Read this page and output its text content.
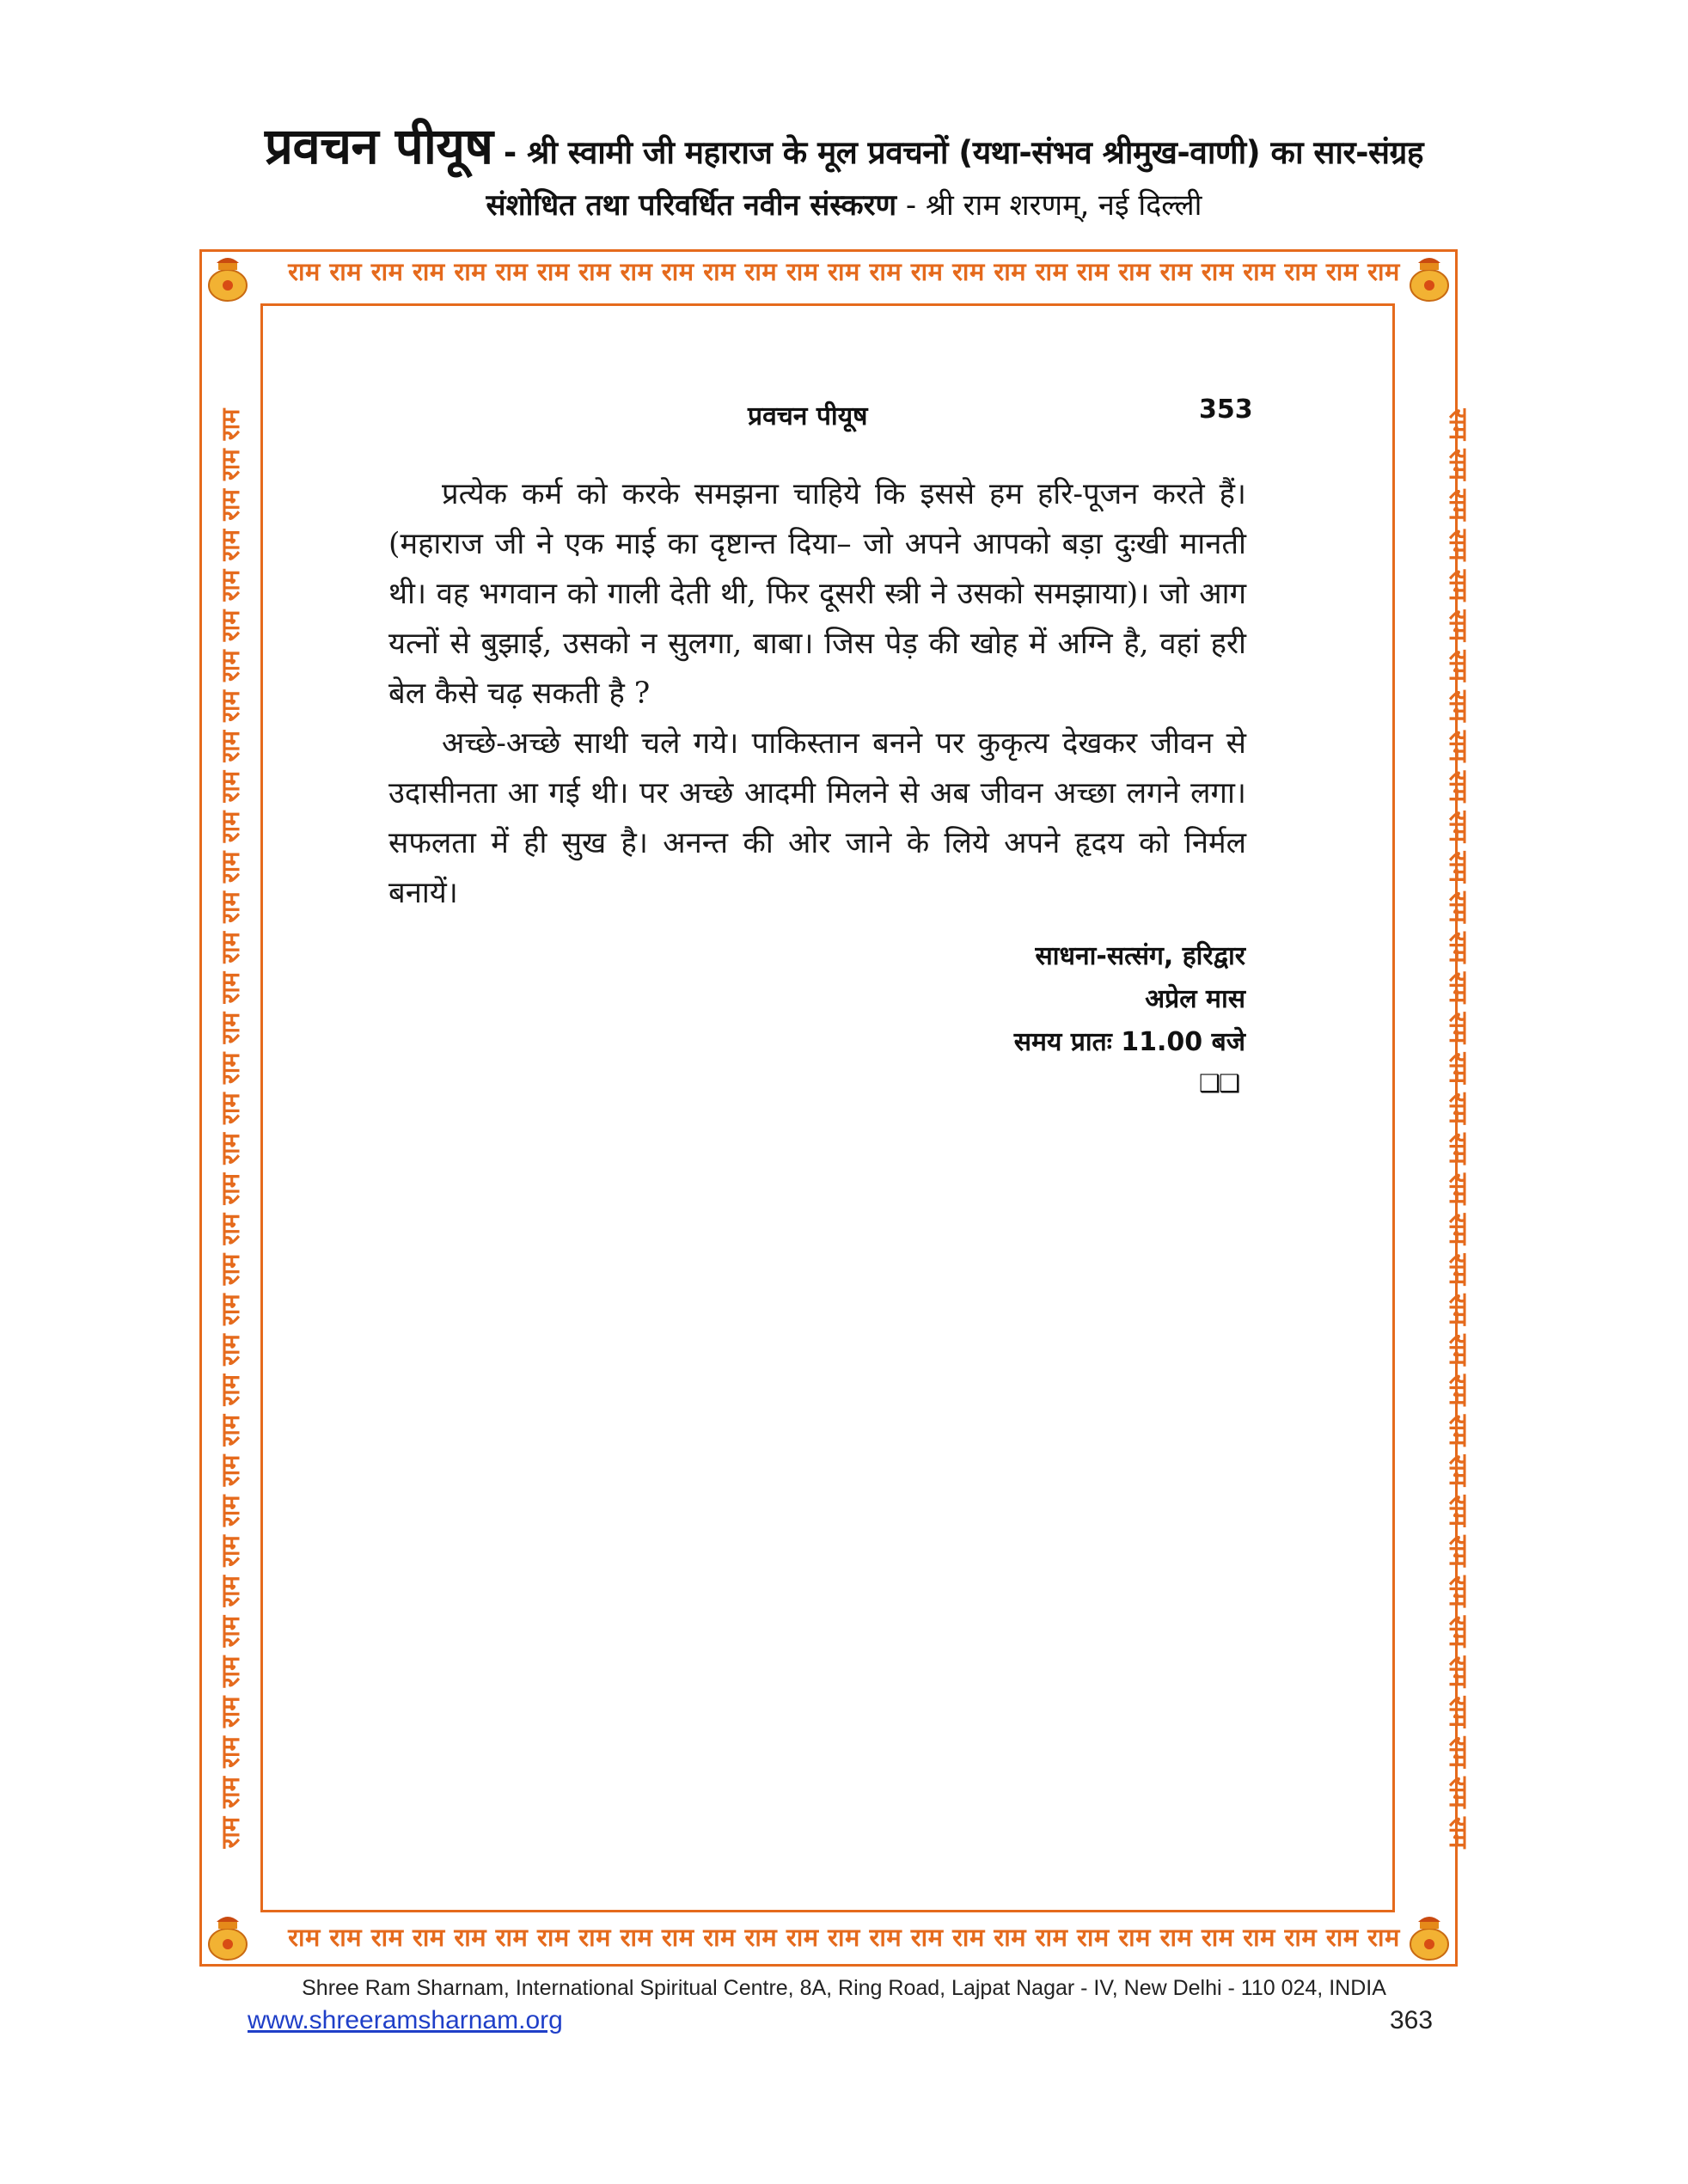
प्रवचन पीयूष - श्री स्वामी जी महाराज के मूल प्रवचनों (यथा-संभव श्रीमुख-वाणी) का सार-संग्रह
संशोधित तथा परिवर्धित नवीन संस्करण - श्री राम शरणम्, नई दिल्ली
राम राम राम राम राम राम राम राम राम राम राम राम राम राम राम राम राम राम राम राम राम राम राम राम राम राम राम
राम राम राम राम राम राम राम राम राम राम राम राम राम राम राम राम राम राम राम राम राम राम राम राम राम राम राम
राम राम राम राम राम राम राम राम राम राम राम राम राम राम राम राम राम राम राम राम राम राम राम राम राम राम राम राम राम राम राम राम राम राम राम राम	राम राम राम राम राम राम राम राम राम राम राम राम राम राम राम राम राम राम राम राम राम राम राम राम राम राम राम राम राम राम राम राम राम राम राम राम
प्रवचन पीयूष	353

प्रत्येक कर्म को करके समझना चाहिये कि इससे हम हरि-पूजन करते हैं। (महाराज जी ने एक माई का दृष्टान्त दिया– जो अपने आपको बड़ा दुःखी मानती थी। वह भगवान को गाली देती थी, फिर दूसरी स्त्री ने उसको समझाया)। जो आग यत्नों से बुझाई, उसको न सुलगा, बाबा। जिस पेड़ की खोह में अग्नि है, वहां हरी बेल कैसे चढ़ सकती है ?

अच्छे-अच्छे साथी चले गये। पाकिस्तान बनने पर कुकृत्य देखकर जीवन से उदासीनता आ गई थी। पर अच्छे आदमी मिलने से अब जीवन अच्छा लगने लगा। सफलता में ही सुख है। अनन्त की ओर जाने के लिये अपने हृदय को निर्मल बनायें।

साधना-सत्संग, हरिद्वार
अप्रेल मास
समय प्रातः 11.00 बजे
❑❑
Shree Ram Sharnam, International Spiritual Centre, 8A, Ring Road, Lajpat Nagar - IV, New Delhi - 110 024, INDIA
www.shreeramsharnam.org	363
